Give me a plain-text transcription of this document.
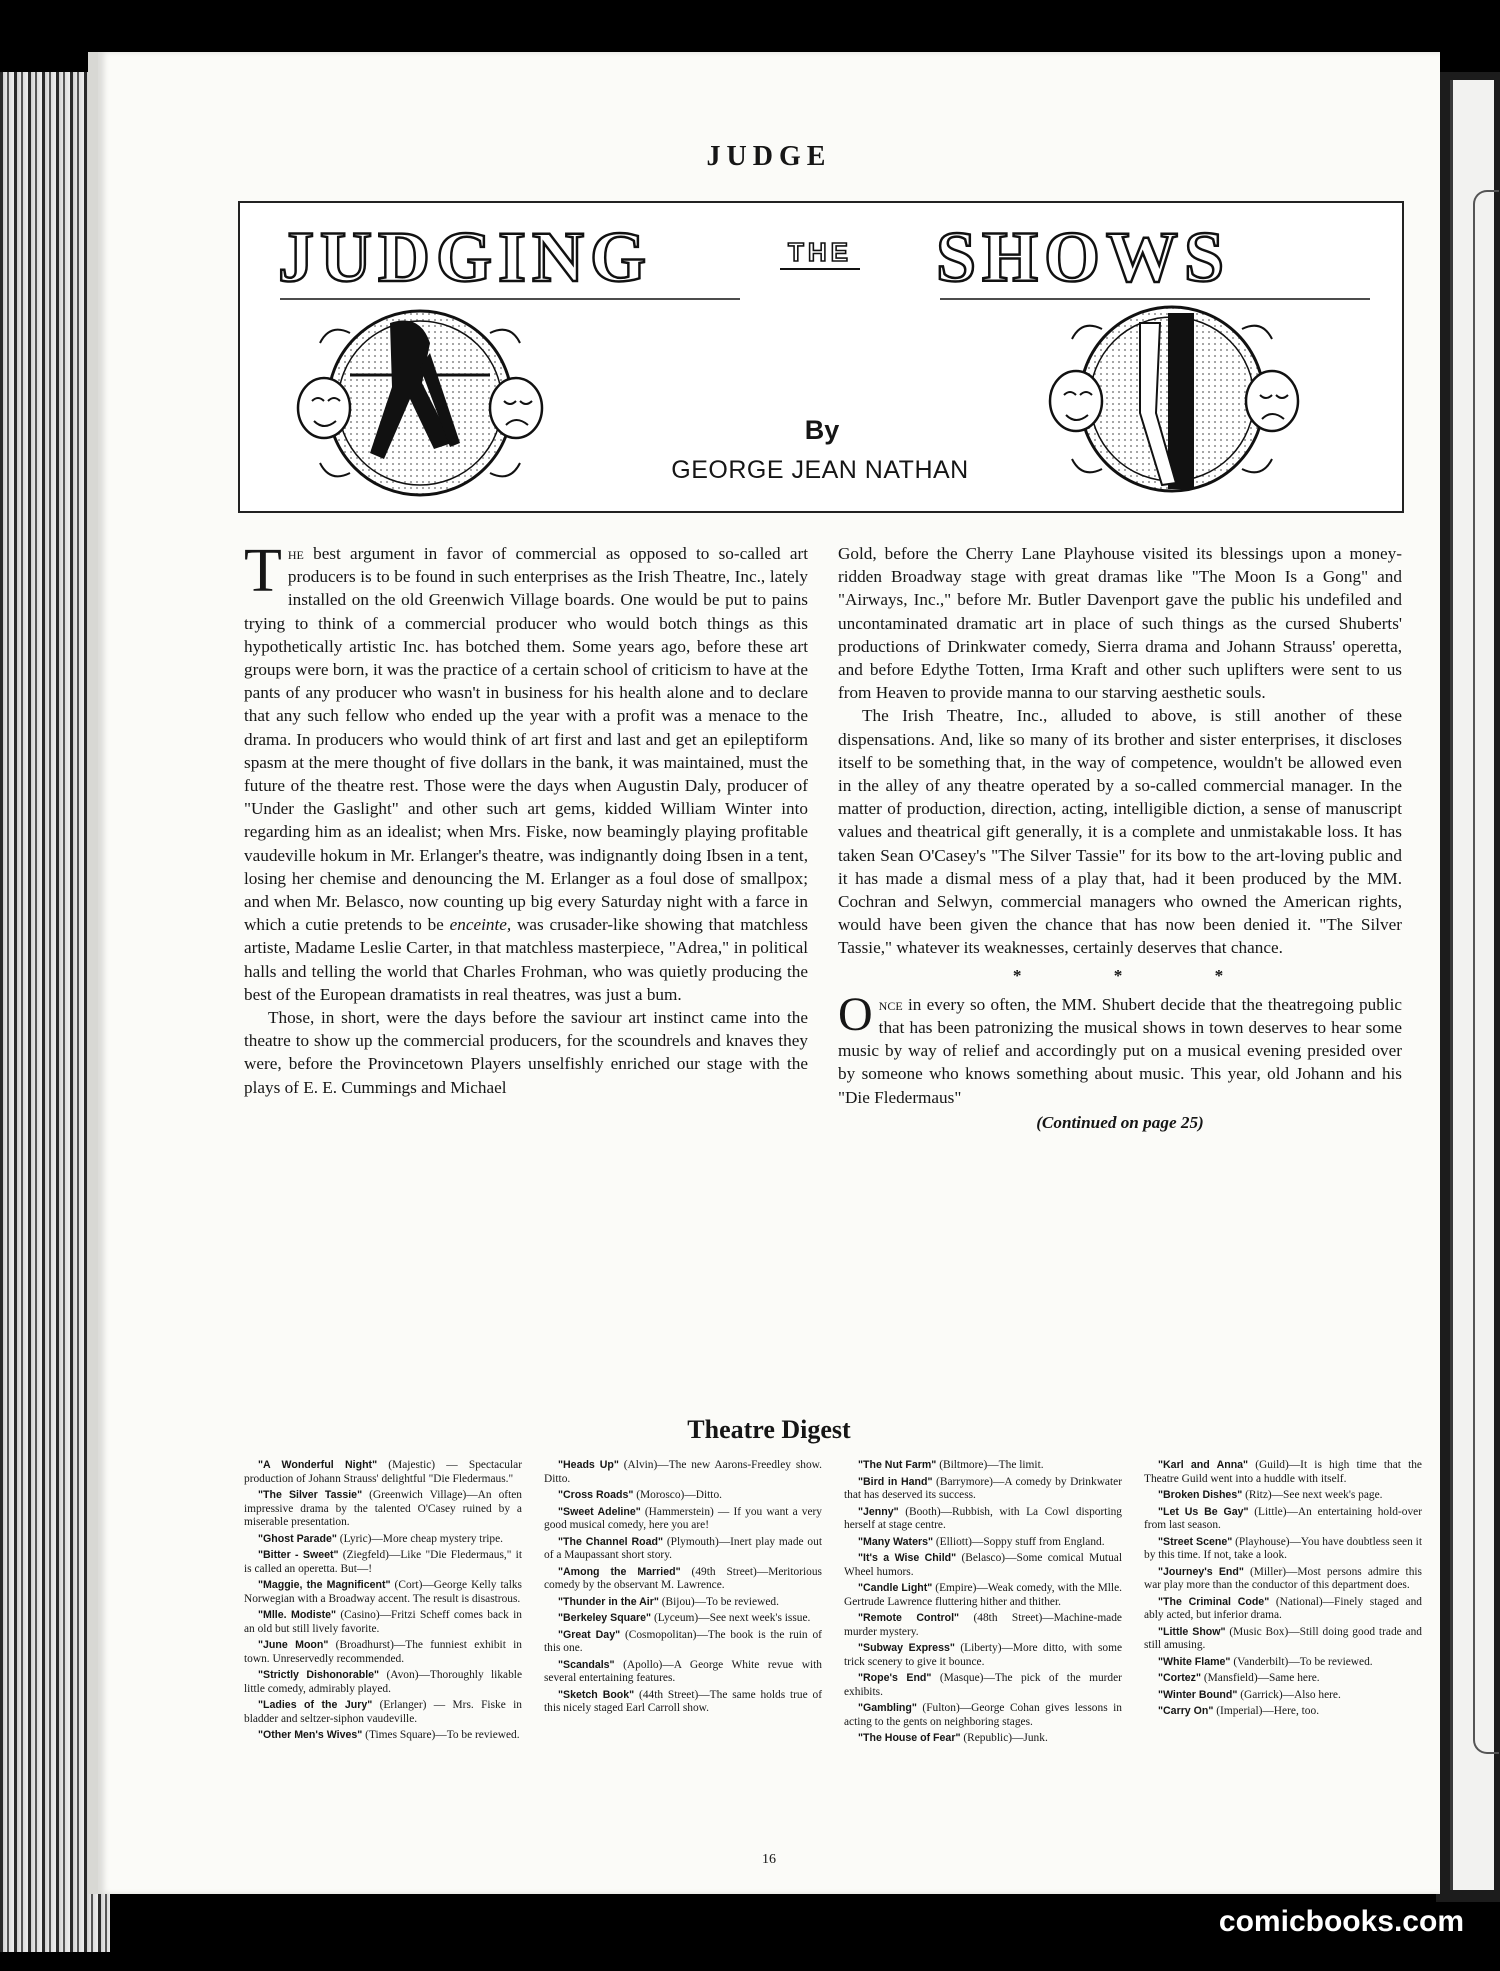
JUDGE
JUDGING	THE SHOWS
By
GEORGE JEAN NATHAN

The best argument in favor of commercial as opposed to so-called art producers is to be found in such enterprises as the Irish Theatre, Inc., lately installed on the old Greenwich Village boards. One would be put to pains trying to think of a commercial producer who would botch things as this hypothetically artistic Inc. has botched them. Some years ago, before these art groups were born, it was the practice of a certain school of criticism to have at the pants of any producer who wasn't in business for his health alone and to declare that any such fellow who ended up the year with a profit was a menace to the drama. In producers who would think of art first and last and get an epileptiform spasm at the mere thought of five dollars in the bank, it was maintained, must the future of the theatre rest. Those were the days when Augustin Daly, producer of "Under the Gaslight" and other such art gems, kidded William Winter into regarding him as an idealist; when Mrs. Fiske, now beamingly playing profitable vaudeville hokum in Mr. Erlanger's theatre, was indignantly doing Ibsen in a tent, losing her chemise and denouncing the M. Erlanger as a foul dose of smallpox; and when Mr. Belasco, now counting up big every Saturday night with a farce in which a cutie pretends to be enceinte, was crusader-like showing that matchless artiste, Madame Leslie Carter, in that matchless masterpiece, "Adrea," in political halls and telling the world that Charles Frohman, who was quietly producing the best of the European dramatists in real theatres, was just a bum.

Those, in short, were the days before the saviour art instinct came into the theatre to show up the commercial producers, for the scoundrels and knaves they were, before the Provincetown Players unselfishly enriched our stage with the plays of E. E. Cummings and Michael

Gold, before the Cherry Lane Playhouse visited its blessings upon a money-ridden Broadway stage with great dramas like "The Moon Is a Gong" and "Airways, Inc.," before Mr. Butler Davenport gave the public his undefiled and uncontaminated dramatic art in place of such things as the cursed Shuberts' productions of Drinkwater comedy, Sierra drama and Johann Strauss' operetta, and before Edythe Totten, Irma Kraft and other such uplifters were sent to us from Heaven to provide manna to our starving aesthetic souls.

The Irish Theatre, Inc., alluded to above, is still another of these dispensations. And, like so many of its brother and sister enterprises, it discloses itself to be something that, in the way of competence, wouldn't be allowed even in the alley of any theatre operated by a so-called commercial manager. In the matter of production, direction, acting, intelligible diction, a sense of manuscript values and theatrical gift generally, it is a complete and unmistakable loss. It has taken Sean O'Casey's "The Silver Tassie" for its bow to the art-loving public and it has made a dismal mess of a play that, had it been produced by the MM. Cochran and Selwyn, commercial managers who owned the American rights, would have been given the chance that has now been denied it. "The Silver Tassie," whatever its weaknesses, certainly deserves that chance.

* * *

Once in every so often, the MM. Shubert decide that the theatregoing public that has been patronizing the musical shows in town deserves to hear some music by way of relief and accordingly put on a musical evening presided over by someone who knows something about music. This year, old Johann and his "Die Fledermaus"

(Continued on page 25)
Theatre Digest
"A Wonderful Night" (Majestic) — Spectacular production of Johann Strauss' delightful "Die Fledermaus."
"The Silver Tassie" (Greenwich Village)—An often impressive drama by the talented O'Casey ruined by a miserable presentation.
"Ghost Parade" (Lyric)—More cheap mystery tripe.
"Bitter - Sweet" (Ziegfeld)—Like "Die Fledermaus," it is called an operetta. But—!
"Maggie, the Magnificent" (Cort)—George Kelly talks Norwegian with a Broadway accent. The result is disastrous.
"Mlle. Modiste" (Casino)—Fritzi Scheff comes back in an old but still lively favorite.
"June Moon" (Broadhurst)—The funniest exhibit in town. Unreservedly recommended.
"Strictly Dishonorable" (Avon)—Thoroughly likable little comedy, admirably played.
"Ladies of the Jury" (Erlanger) — Mrs. Fiske in bladder and seltzer-siphon vaudeville.
"Other Men's Wives" (Times Square)—To be reviewed.
"Heads Up" (Alvin)—The new Aarons-Freedley show. Ditto.
"Cross Roads" (Morosco)—Ditto.
"Sweet Adeline" (Hammerstein) — If you want a very good musical comedy, here you are!
"The Channel Road" (Plymouth)—Inert play made out of a Maupassant short story.
"Among the Married" (49th Street)—Meritorious comedy by the observant M. Lawrence.
"Thunder in the Air" (Bijou)—To be reviewed.
"Berkeley Square" (Lyceum)—See next week's issue.
"Great Day" (Cosmopolitan)—The book is the ruin of this one.
"Scandals" (Apollo)—A George White revue with several entertaining features.
"Sketch Book" (44th Street)—The same holds true of this nicely staged Earl Carroll show.
"The Nut Farm" (Biltmore)—The limit.
"Bird in Hand" (Barrymore)—A comedy by Drinkwater that has deserved its success.
"Jenny" (Booth)—Rubbish, with La Cowl disporting herself at stage centre.
"Many Waters" (Elliott)—Soppy stuff from England.
"It's a Wise Child" (Belasco)—Some comical Mutual Wheel humors.
"Candle Light" (Empire)—Weak comedy, with the Mlle. Gertrude Lawrence fluttering hither and thither.
"Remote Control" (48th Street)—Machine-made murder mystery.
"Subway Express" (Liberty)—More ditto, with some trick scenery to give it bounce.
"Rope's End" (Masque)—The pick of the murder exhibits.
"Gambling" (Fulton)—George Cohan gives lessons in acting to the gents on neighboring stages.
"The House of Fear" (Republic)—Junk.
"Karl and Anna" (Guild)—It is high time that the Theatre Guild went into a huddle with itself.
"Broken Dishes" (Ritz)—See next week's page.
"Let Us Be Gay" (Little)—An entertaining hold-over from last season.
"Street Scene" (Playhouse)—You have doubtless seen it by this time. If not, take a look.
"Journey's End" (Miller)—Most persons admire this war play more than the conductor of this department does.
"The Criminal Code" (National)—Finely staged and ably acted, but inferior drama.
"Little Show" (Music Box)—Still doing good trade and still amusing.
"White Flame" (Vanderbilt)—To be reviewed.
"Cortez" (Mansfield)—Same here.
"Winter Bound" (Garrick)—Also here.
"Carry On" (Imperial)—Here, too.
16
comicbooks.com
